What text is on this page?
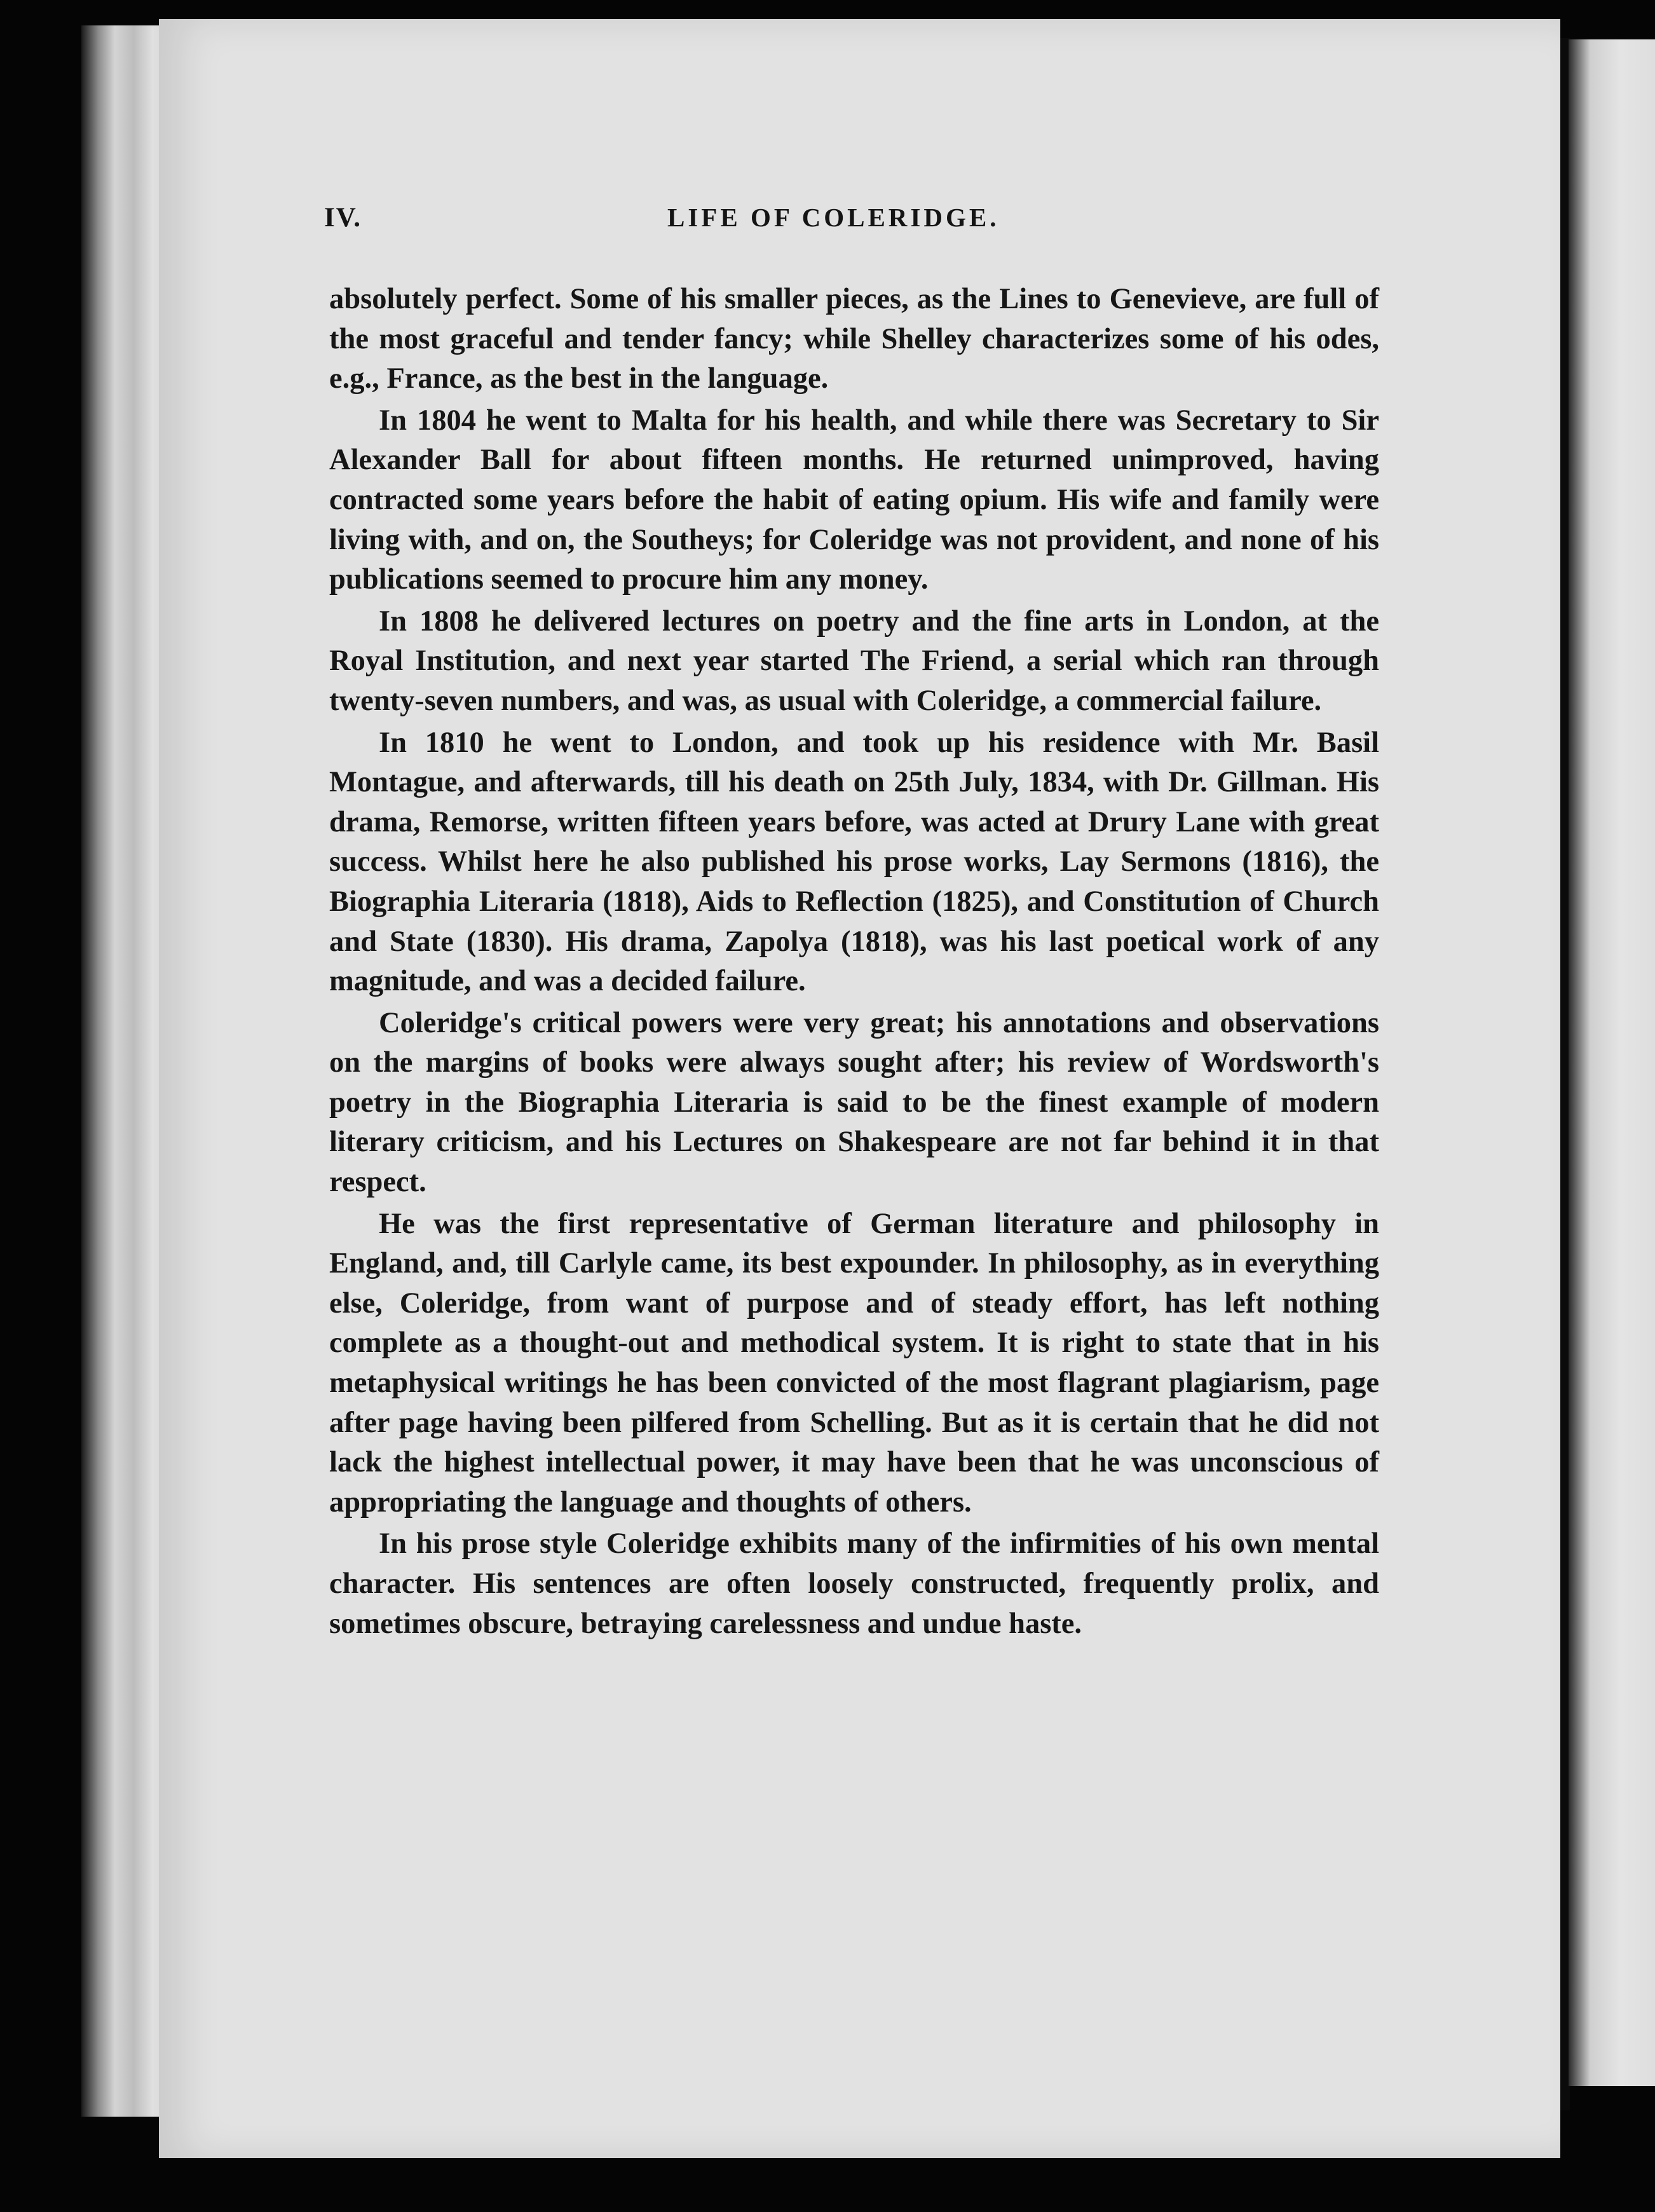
IV.	LIFE OF COLERIDGE.

absolutely perfect. Some of his smaller pieces, as the Lines to Genevieve, are full of the most graceful and tender fancy; while Shelley characterizes some of his odes, e.g., France, as the best in the language.

In 1804 he went to Malta for his health, and while there was Secretary to Sir Alexander Ball for about fifteen months. He returned unimproved, having contracted some years before the habit of eating opium. His wife and family were living with, and on, the Southeys; for Coleridge was not provident, and none of his publications seemed to procure him any money.

In 1808 he delivered lectures on poetry and the fine arts in London, at the Royal Institution, and next year started The Friend, a serial which ran through twenty-seven numbers, and was, as usual with Coleridge, a commercial failure.

In 1810 he went to London, and took up his residence with Mr. Basil Montague, and afterwards, till his death on 25th July, 1834, with Dr. Gillman. His drama, Remorse, written fifteen years before, was acted at Drury Lane with great success. Whilst here he also published his prose works, Lay Sermons (1816), the Biographia Literaria (1818), Aids to Reflection (1825), and Constitution of Church and State (1830). His drama, Zapolya (1818), was his last poetical work of any magnitude, and was a decided failure.

Coleridge's critical powers were very great; his annotations and observations on the margins of books were always sought after; his review of Wordsworth's poetry in the Biographia Literaria is said to be the finest example of modern literary criticism, and his Lectures on Shakespeare are not far behind it in that respect.

He was the first representative of German literature and philosophy in England, and, till Carlyle came, its best expounder. In philosophy, as in everything else, Coleridge, from want of purpose and of steady effort, has left nothing complete as a thought-out and methodical system. It is right to state that in his metaphysical writings he has been convicted of the most flagrant plagiarism, page after page having been pilfered from Schelling. But as it is certain that he did not lack the highest intellectual power, it may have been that he was unconscious of appropriating the language and thoughts of others.

In his prose style Coleridge exhibits many of the infirmities of his own mental character. His sentences are often loosely constructed, frequently prolix, and sometimes obscure, betraying carelessness and undue haste.
